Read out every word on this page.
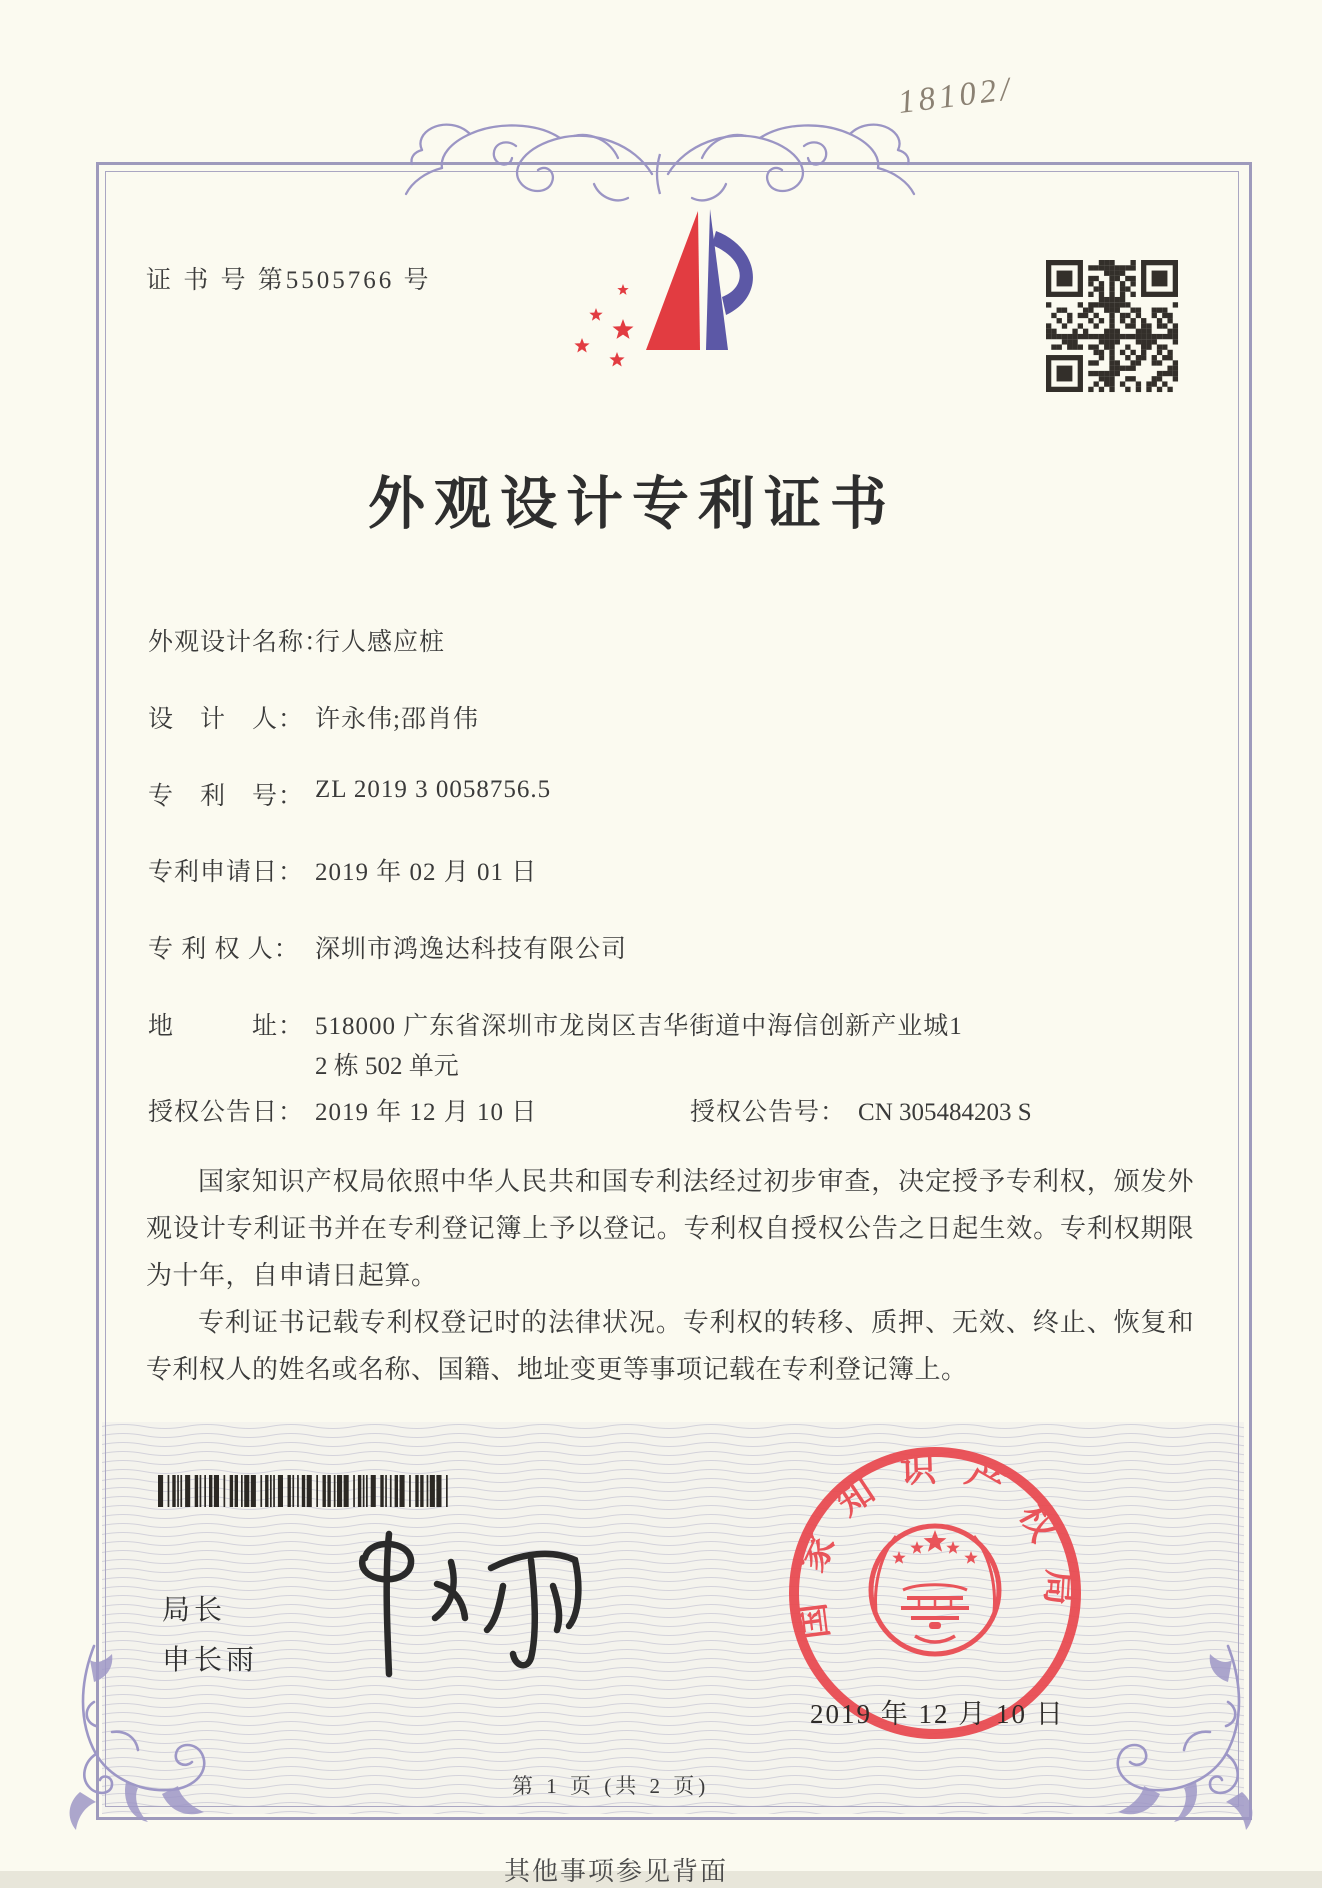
18102/
证 书 号 第5505766 号
外观设计专利证书
外观设计名称：
行人感应桩
设　计　人： 许永伟;邵肖伟
专　利　号： ZL 2019 3 0058756.5
专利申请日： 2019 年 02 月 01 日
专 利 权 人： 深圳市鸿逸达科技有限公司
地　　　址： 518000 广东省深圳市龙岗区吉华街道中海信创新产业城1
2 栋 502 单元
授权公告日： 2019 年 12 月 10 日	授权公告号： CN 305484203 S

国家知识产权局依照中华人民共和国专利法经过初步审查，决定授予专利权，颁发外观设计专利证书并在专利登记簿上予以登记。专利权自授权公告之日起生效。专利权期限为十年，自申请日起算。

专利证书记载专利权登记时的法律状况。专利权的转移、质押、无效、终止、恢复和专利权人的姓名或名称、国籍、地址变更等事项记载在专利登记簿上。

局长
申长雨
国家知识产权局
2019 年 12 月 10 日
第 1 页 (共 2 页)
其他事项参见背面
